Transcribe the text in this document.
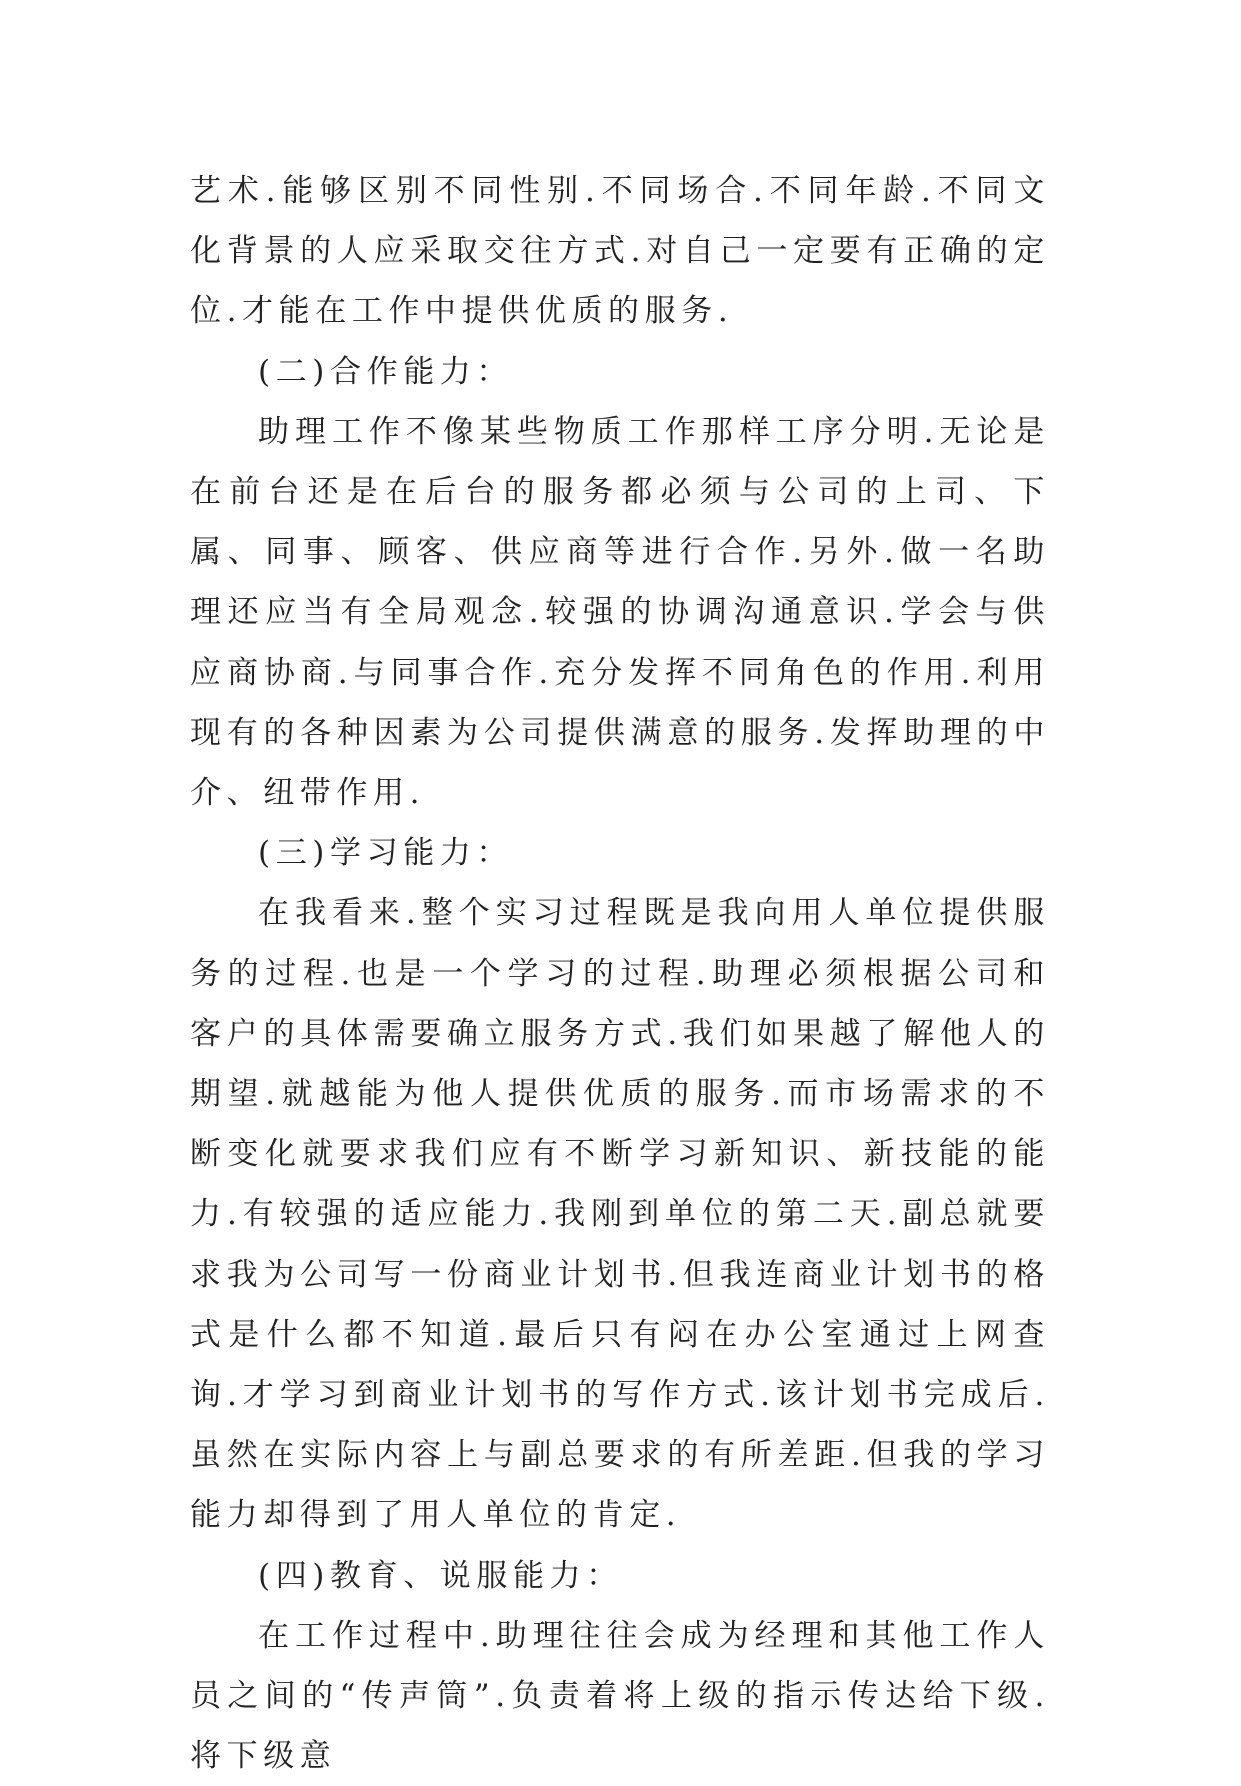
艺术.能够区别不同性别.不同场合.不同年龄.不同文化背景的人应采取交往方式.对自己一定要有正确的定位.才能在工作中提供优质的服务.

(二)合作能力：

助理工作不像某些物质工作那样工序分明.无论是在前台还是在后台的服务都必须与公司的上司、下属、同事、顾客、供应商等进行合作.另外.做一名助理还应当有全局观念.较强的协调沟通意识.学会与供应商协商.与同事合作.充分发挥不同角色的作用.利用现有的各种因素为公司提供满意的服务.发挥助理的中介、纽带作用.

(三)学习能力：

在我看来.整个实习过程既是我向用人单位提供服务的过程.也是一个学习的过程.助理必须根据公司和客户的具体需要确立服务方式.我们如果越了解他人的期望.就越能为他人提供优质的服务.而市场需求的不断变化就要求我们应有不断学习新知识、新技能的能力.有较强的适应能力.我刚到单位的第二天.副总就要求我为公司写一份商业计划书.但我连商业计划书的格式是什么都不知道.最后只有闷在办公室通过上网查询.才学习到商业计划书的写作方式.该计划书完成后.虽然在实际内容上与副总要求的有所差距.但我的学习能力却得到了用人单位的肯定.

(四)教育、说服能力：

在工作过程中.助理往往会成为经理和其他工作人员之间的“传声筒”.负责着将上级的指示传达给下级.将下级意
